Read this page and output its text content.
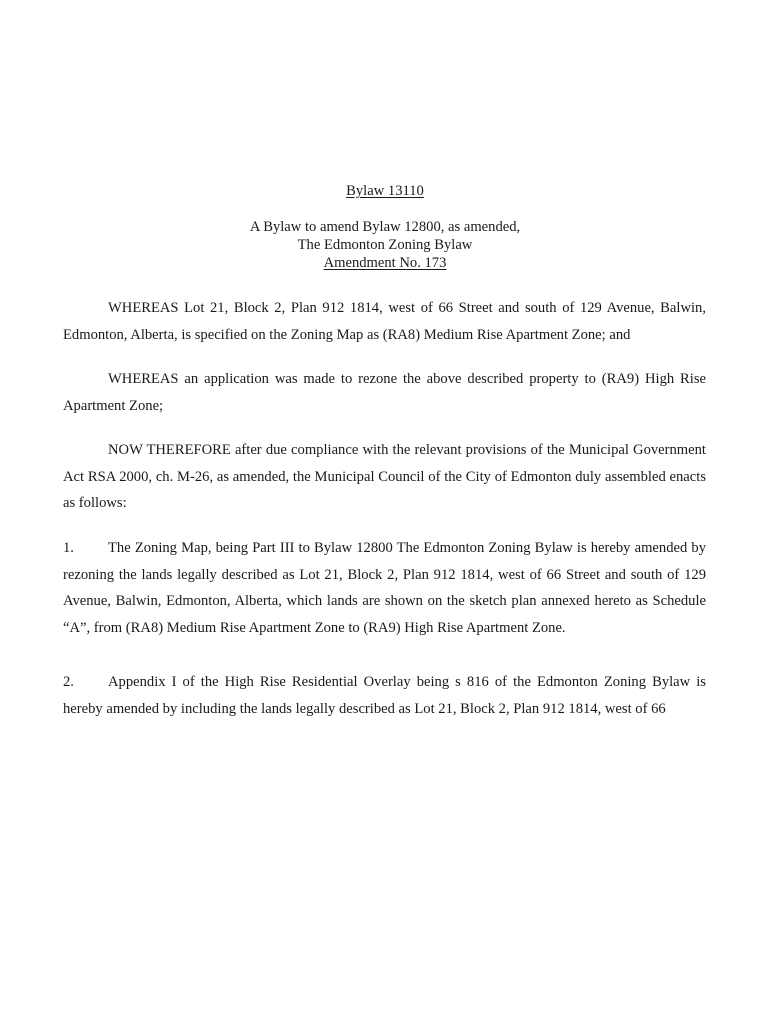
Bylaw 13110
A Bylaw to amend Bylaw 12800, as amended,
The Edmonton Zoning Bylaw
Amendment No. 173

WHEREAS Lot 21, Block 2, Plan 912 1814, west of 66 Street and south of 129 Avenue, Balwin, Edmonton, Alberta, is specified on the Zoning Map as (RA8) Medium Rise Apartment Zone; and

WHEREAS an application was made to rezone the above described property to (RA9) High Rise Apartment Zone;

NOW THEREFORE after due compliance with the relevant provisions of the Municipal Government Act RSA 2000, ch. M-26, as amended, the Municipal Council of the City of Edmonton duly assembled enacts as follows:

1. The Zoning Map, being Part III to Bylaw 12800 The Edmonton Zoning Bylaw is hereby amended by rezoning the lands legally described as Lot 21, Block 2, Plan 912 1814, west of 66 Street and south of 129 Avenue, Balwin, Edmonton, Alberta, which lands are shown on the sketch plan annexed hereto as Schedule “A”, from (RA8) Medium Rise Apartment Zone to (RA9) High Rise Apartment Zone.

2. Appendix I of the High Rise Residential Overlay being s 816 of the Edmonton Zoning Bylaw is hereby amended by including the lands legally described as Lot 21, Block 2, Plan 912 1814, west of 66
